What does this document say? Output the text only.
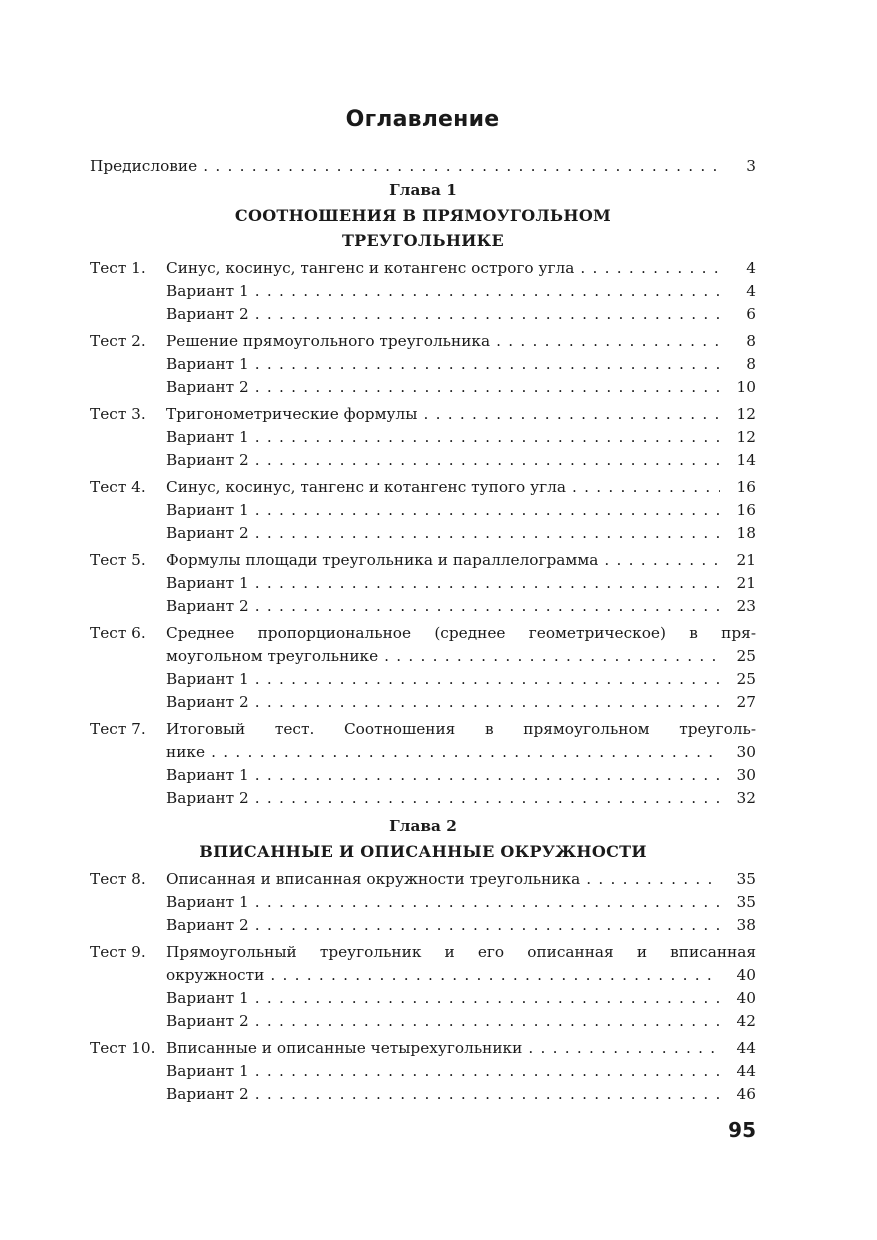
Оглавление
Предисловие . . .	3
Глава 1
СООТНОШЕНИЯ В ПРЯМОУГОЛЬНОМ
ТРЕУГОЛЬНИКЕ
Тест 1. Синус, косинус, тангенс и котангенс острого угла . . .	4
Вариант 1 . . .	4
Вариант 2 . . .	6
Тест 2. Решение прямоугольного треугольника . . .	8
Вариант 1 . . .	8
Вариант 2 . . .	10
Тест 3. Тригонометрические формулы . . .	12
Вариант 1 . . .	12
Вариант 2 . . .	14
Тест 4. Синус, косинус, тангенс и котангенс тупого угла . . .	16
Вариант 1 . . .	16
Вариант 2 . . .	18
Тест 5. Формулы площади треугольника и параллелограмма . . .	21
Вариант 1 . . .	21
Вариант 2 . . .	23
Тест 6. Среднее пропорциональное (среднее геометрическое) в пря-
моугольном треугольнике . . .	25
Вариант 1 . . .	25
Вариант 2 . . .	27
Тест 7. Итоговый тест. Соотношения в прямоугольном треуголь-
нике . . .	30
Вариант 1 . . .	30
Вариант 2 . . .	32
Глава 2
ВПИСАННЫЕ И ОПИСАННЫЕ ОКРУЖНОСТИ
Тест 8. Описанная и вписанная окружности треугольника . . .	35
Вариант 1 . . .	35
Вариант 2 . . .	38
Тест 9. Прямоугольный треугольник и его описанная и вписанная
окружности . . .	40
Вариант 1 . . .	40
Вариант 2 . . .	42
Тест 10. Вписанные и описанные четырехугольники . . .	44
Вариант 1 . . .	44
Вариант 2 . . .	46
95
